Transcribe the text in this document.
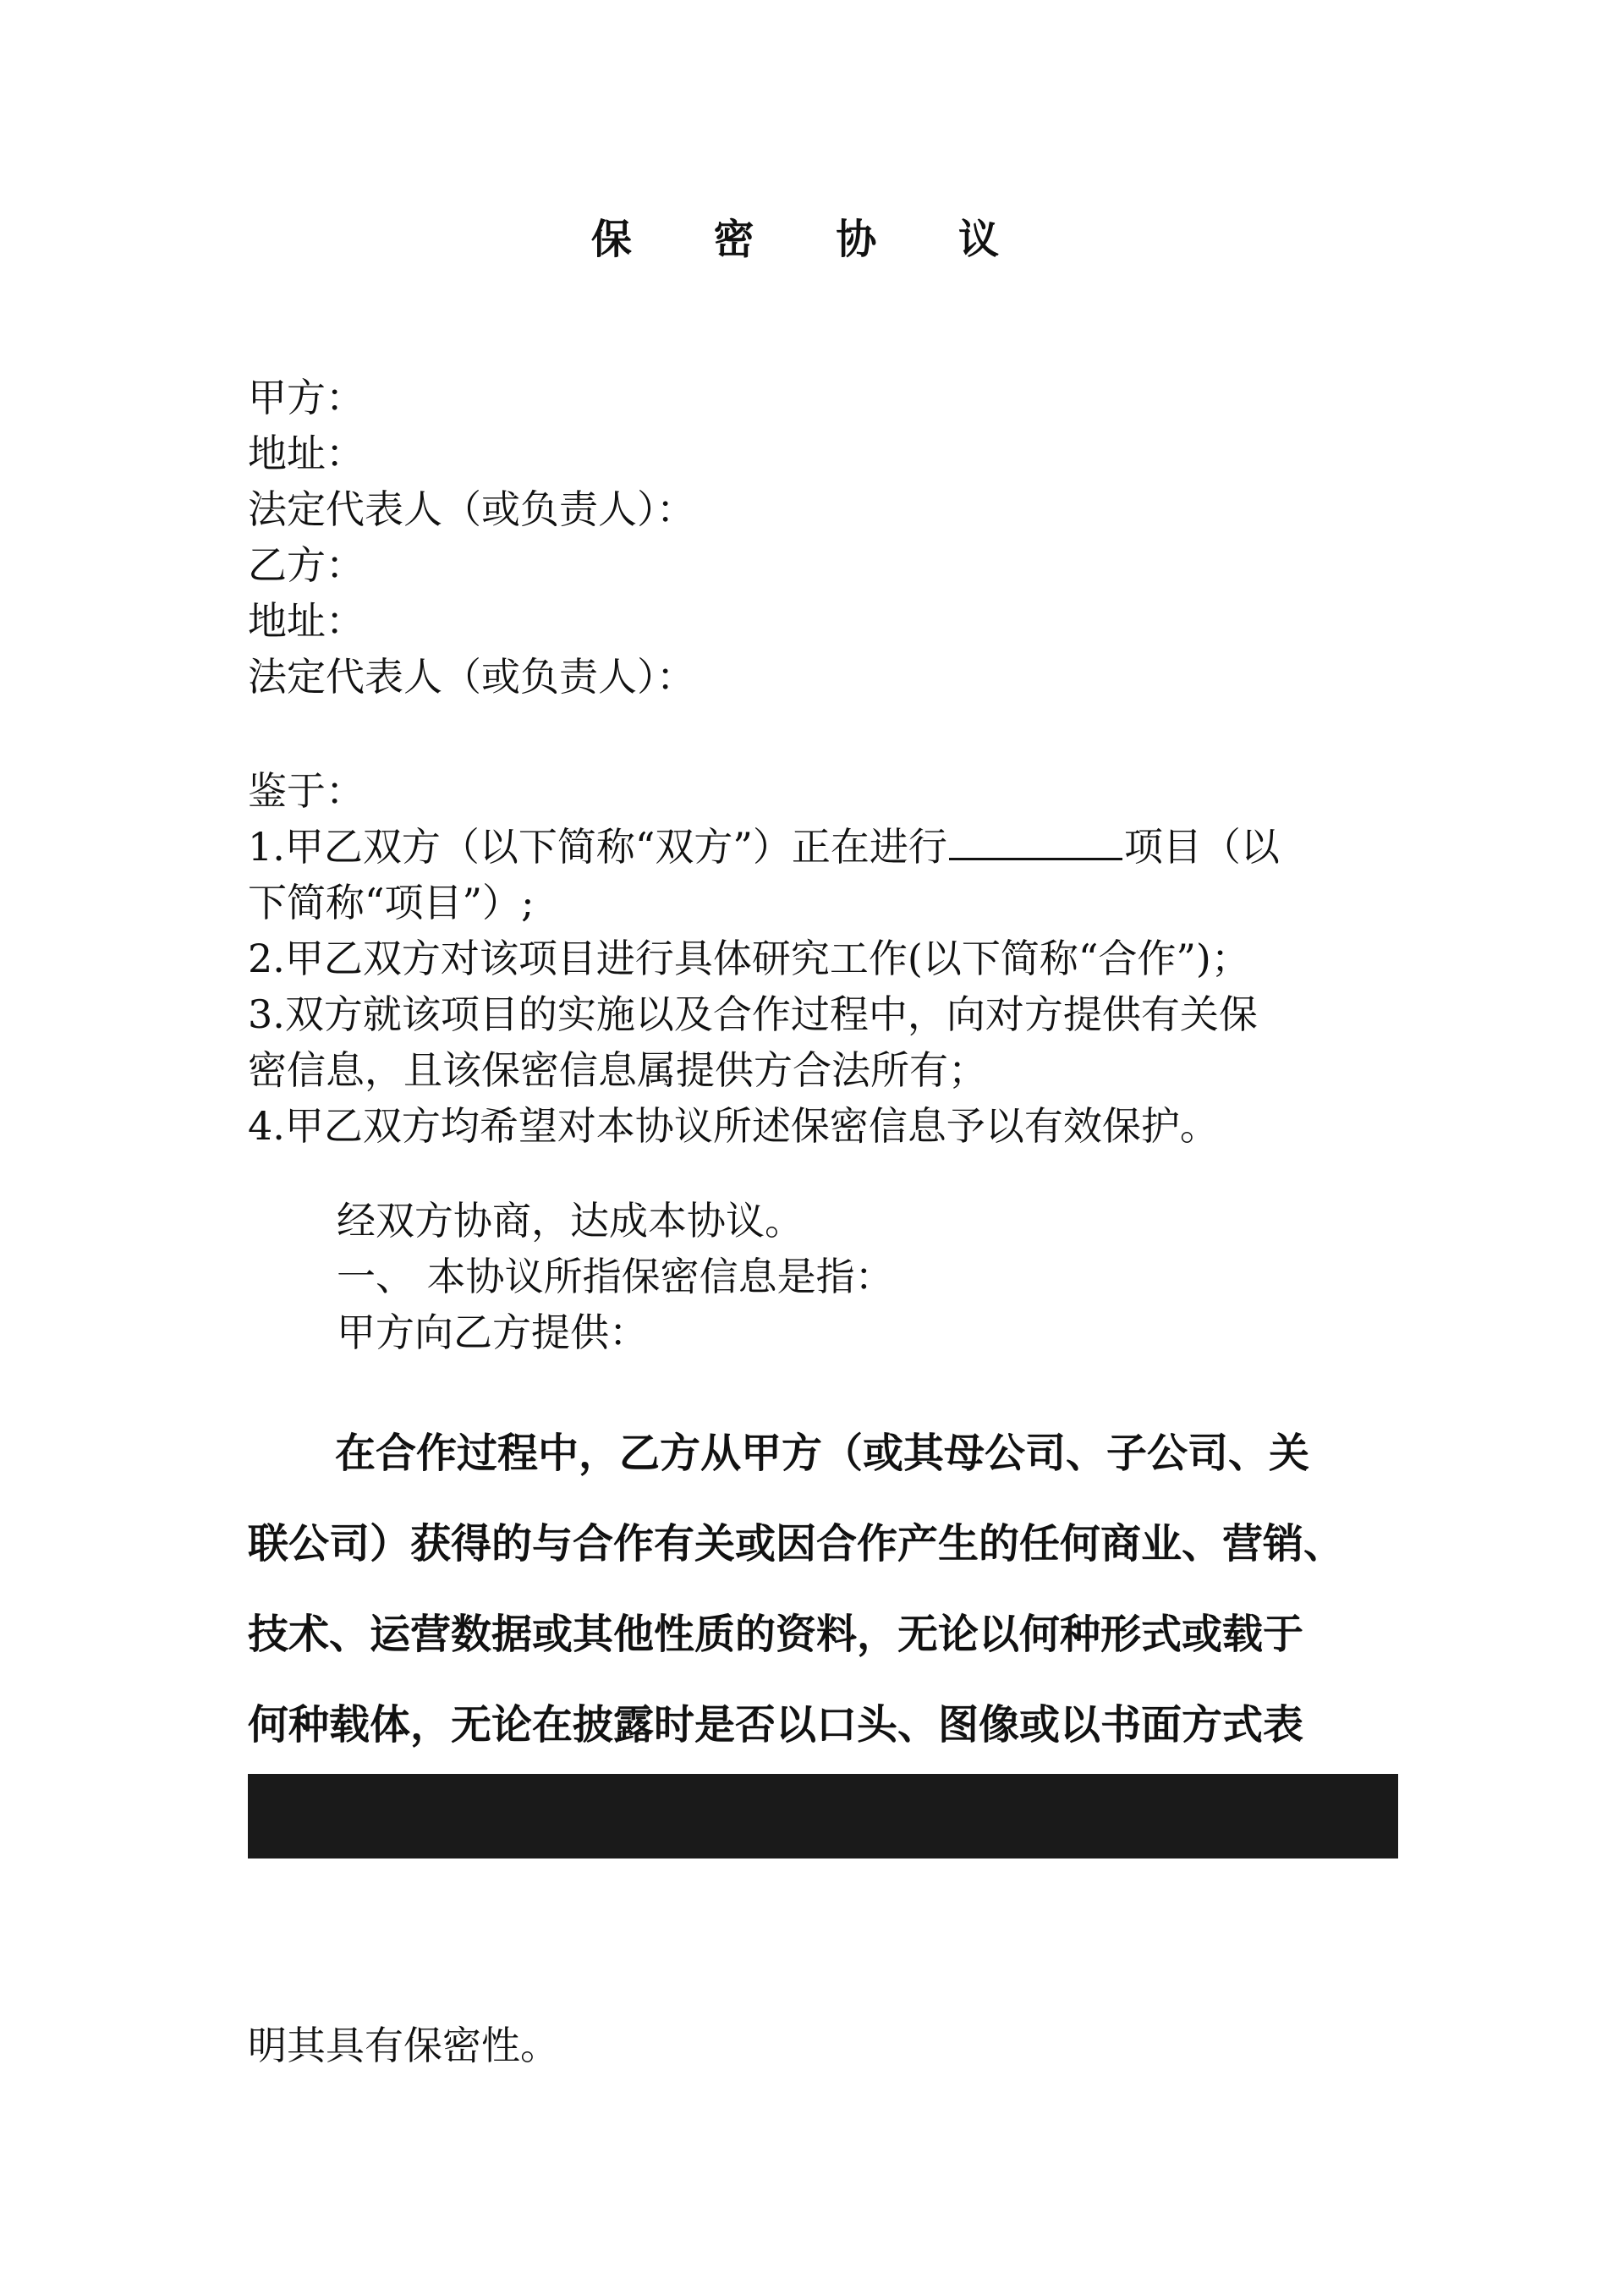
保 密 协 议
甲方：
地址：
法定代表人（或负责人）：
乙方：
地址：
法定代表人（或负责人）：
鉴于：
1.甲乙双方（以下简称“双方”）正在进行	项目（以
下简称“项目”）;
2.甲乙双方对该项目进行具体研究工作(以下简称“合作”)；
3.双方就该项目的实施以及合作过程中，向对方提供有关保
密信息，且该保密信息属提供方合法所有；
4.甲乙双方均希望对本协议所述保密信息予以有效保护。
经双方协商，达成本协议。
一、 本协议所指保密信息是指：
甲方向乙方提供：
在合作过程中，乙方从甲方（或其母公司、子公司、关
联公司）获得的与合作有关或因合作产生的任何商业、营销、
技术、运营数据或其他性质的资料，无论以何种形式或载于
何种载体，无论在披露时是否以口头、图像或以书面方式表
明其具有保密性。
